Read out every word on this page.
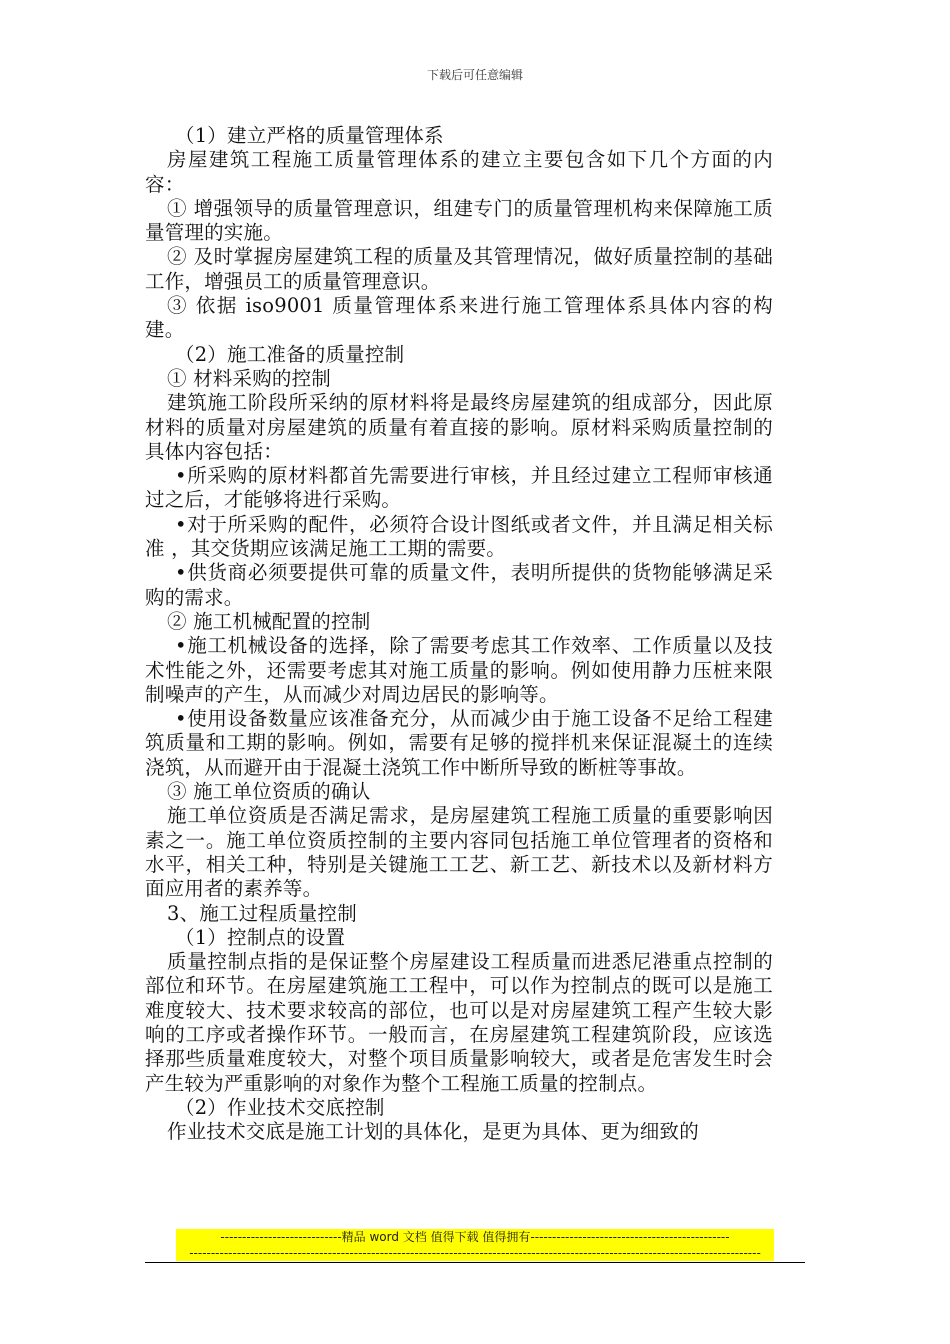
下载后可任意编辑

（1）建立严格的质量管理体系

房屋建筑工程施工质量管理体系的建立主要包含如下几个方面的内容：

① 增强领导的质量管理意识，组建专门的质量管理机构来保障施工质量管理的实施。

② 及时掌握房屋建筑工程的质量及其管理情况，做好质量控制的基础工作，增强员工的质量管理意识。

③ 依据 iso9001 质量管理体系来进行施工管理体系具体内容的构建。

（2）施工准备的质量控制

① 材料采购的控制

建筑施工阶段所采纳的原材料将是最终房屋建筑的组成部分，因此原材料的质量对房屋建筑的质量有着直接的影响。原材料采购质量控制的具体内容包括：

•所采购的原材料都首先需要进行审核，并且经过建立工程师审核通过之后，才能够将进行采购。

•对于所采购的配件，必须符合设计图纸或者文件，并且满足相关标准 ，其交货期应该满足施工工期的需要。

•供货商必须要提供可靠的质量文件，表明所提供的货物能够满足采购的需求。

② 施工机械配置的控制

•施工机械设备的选择，除了需要考虑其工作效率、工作质量以及技术性能之外，还需要考虑其对施工质量的影响。例如使用静力压桩来限制噪声的产生，从而减少对周边居民的影响等。

•使用设备数量应该准备充分，从而减少由于施工设备不足给工程建筑质量和工期的影响。例如，需要有足够的搅拌机来保证混凝土的连续浇筑，从而避开由于混凝土浇筑工作中断所导致的断桩等事故。

③ 施工单位资质的确认

施工单位资质是否满足需求，是房屋建筑工程施工质量的重要影响因素之一。施工单位资质控制的主要内容同包括施工单位管理者的资格和水平，相关工种，特别是关键施工工艺、新工艺、新技术以及新材料方面应用者的素养等。

3、施工过程质量控制

（1）控制点的设置

质量控制点指的是保证整个房屋建设工程质量而进悉尼港重点控制的部位和环节。在房屋建筑施工工程中，可以作为控制点的既可以是施工难度较大、技术要求较高的部位，也可以是对房屋建筑工程产生较大影响的工序或者操作环节。一般而言，在房屋建筑工程建筑阶段，应该选择那些质量难度较大，对整个项目质量影响较大，或者是危害发生时会产生较为严重影响的对象作为整个工程施工质量的控制点。

（2）作业技术交底控制

作业技术交底是施工计划的具体化，是更为具体、更为细致的

----------------------------精品 word 文档 值得下载 值得拥有----------------------------------------------
------------------------------------------------------------------------------------------------------------------------------------
